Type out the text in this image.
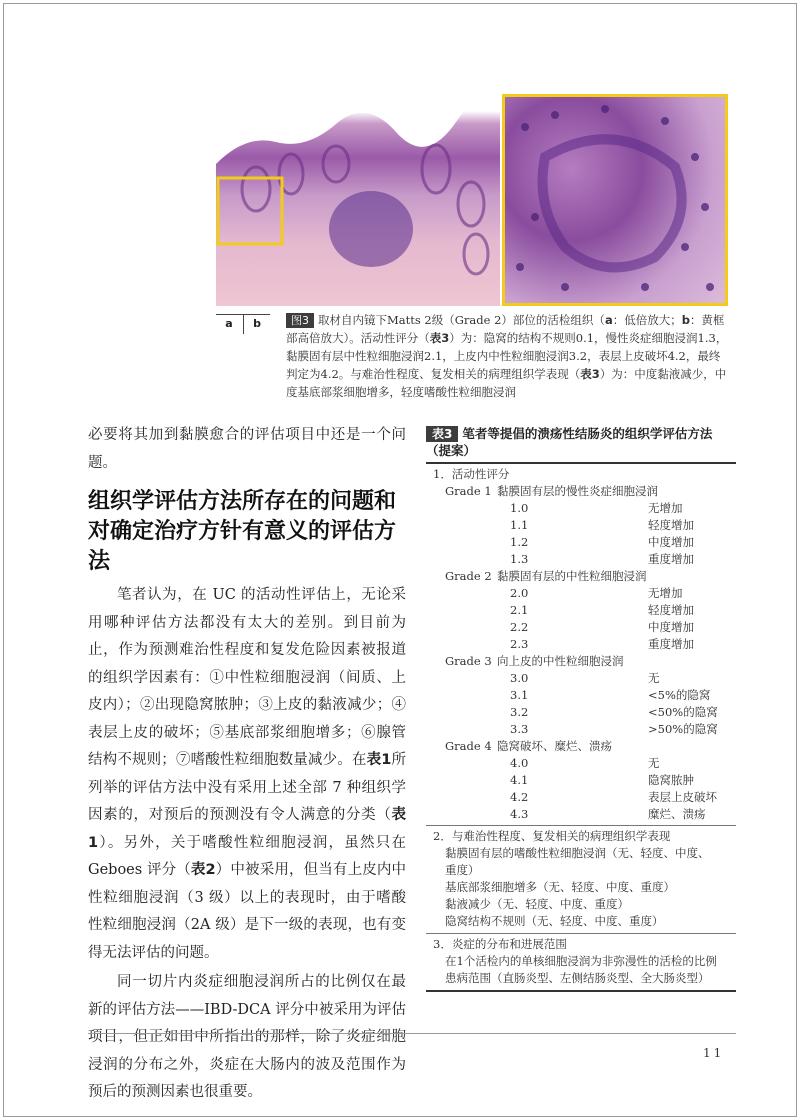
a	b	图3 取材自内镜下Matts 2级（Grade 2）部位的活检组织（a：低倍放大；b：黄框部高倍放大）。活动性评分（表3）为：隐窝的结构不规则0.1，慢性炎症细胞浸润1.3，黏膜固有层中性粒细胞浸润2.1，上皮内中性粒细胞浸润3.2，表层上皮破坏4.2，最终判定为4.2。与难治性程度、复发相关的病理组织学表现（表3）为：中度黏液减少，中度基底部浆细胞增多，轻度嗜酸性粒细胞浸润

必要将其加到黏膜愈合的评估项目中还是一个问题。

组织学评估方法所存在的问题和对确定治疗方针有意义的评估方法

笔者认为，在 UC 的活动性评估上，无论采用哪种评估方法都没有太大的差别。到目前为止，作为预测难治性程度和复发危险因素被报道的组织学因素有：①中性粒细胞浸润（间质、上皮内）；②出现隐窝脓肿；③上皮的黏液减少；④表层上皮的破坏；⑤基底部浆细胞增多；⑥腺管结构不规则；⑦嗜酸性粒细胞数量减少。在表1所列举的评估方法中没有采用上述全部 7 种组织学因素的，对预后的预测没有令人满意的分类（表1）。另外，关于嗜酸性粒细胞浸润，虽然只在 Geboes 评分（表2）中被采用，但当有上皮内中性粒细胞浸润（3 级）以上的表现时，由于嗜酸性粒细胞浸润（2A 级）是下一级的表现，也有变得无法评估的问题。

同一切片内炎症细胞浸润所占的比例仅在最新的评估方法——IBD-DCA 评分中被采用为评估项目，但正如田中所指出的那样，除了炎症细胞浸润的分布之外，炎症在大肠内的波及范围作为预后的预测因素也很重要。

表3 笔者等提倡的溃疡性结肠炎的组织学评估方法（提案）
1．活动性评分
Grade 1 黏膜固有层的慢性炎症细胞浸润
1.0	无增加
1.1	轻度增加
1.2	中度增加
1.3	重度增加
Grade 2 黏膜固有层的中性粒细胞浸润
2.0	无增加
2.1	轻度增加
2.2	中度增加
2.3	重度增加
Grade 3 向上皮的中性粒细胞浸润
3.0	无
3.1	<5%的隐窝
3.2	<50%的隐窝
3.3	>50%的隐窝
Grade 4 隐窝破坏、糜烂、溃疡
4.0	无
4.1	隐窝脓肿
4.2	表层上皮破坏
4.3	糜烂、溃疡
2．与难治性程度、复发相关的病理组织学表现
黏膜固有层的嗜酸性粒细胞浸润（无、轻度、中度、
重度）
基底部浆细胞增多（无、轻度、中度、重度）
黏液减少（无、轻度、中度、重度）
隐窝结构不规则（无、轻度、中度、重度）
3．炎症的分布和进展范围
在1个活检内的单核细胞浸润为非弥漫性的活检的比例
患病范围（直肠炎型、左侧结肠炎型、全大肠炎型）
11
